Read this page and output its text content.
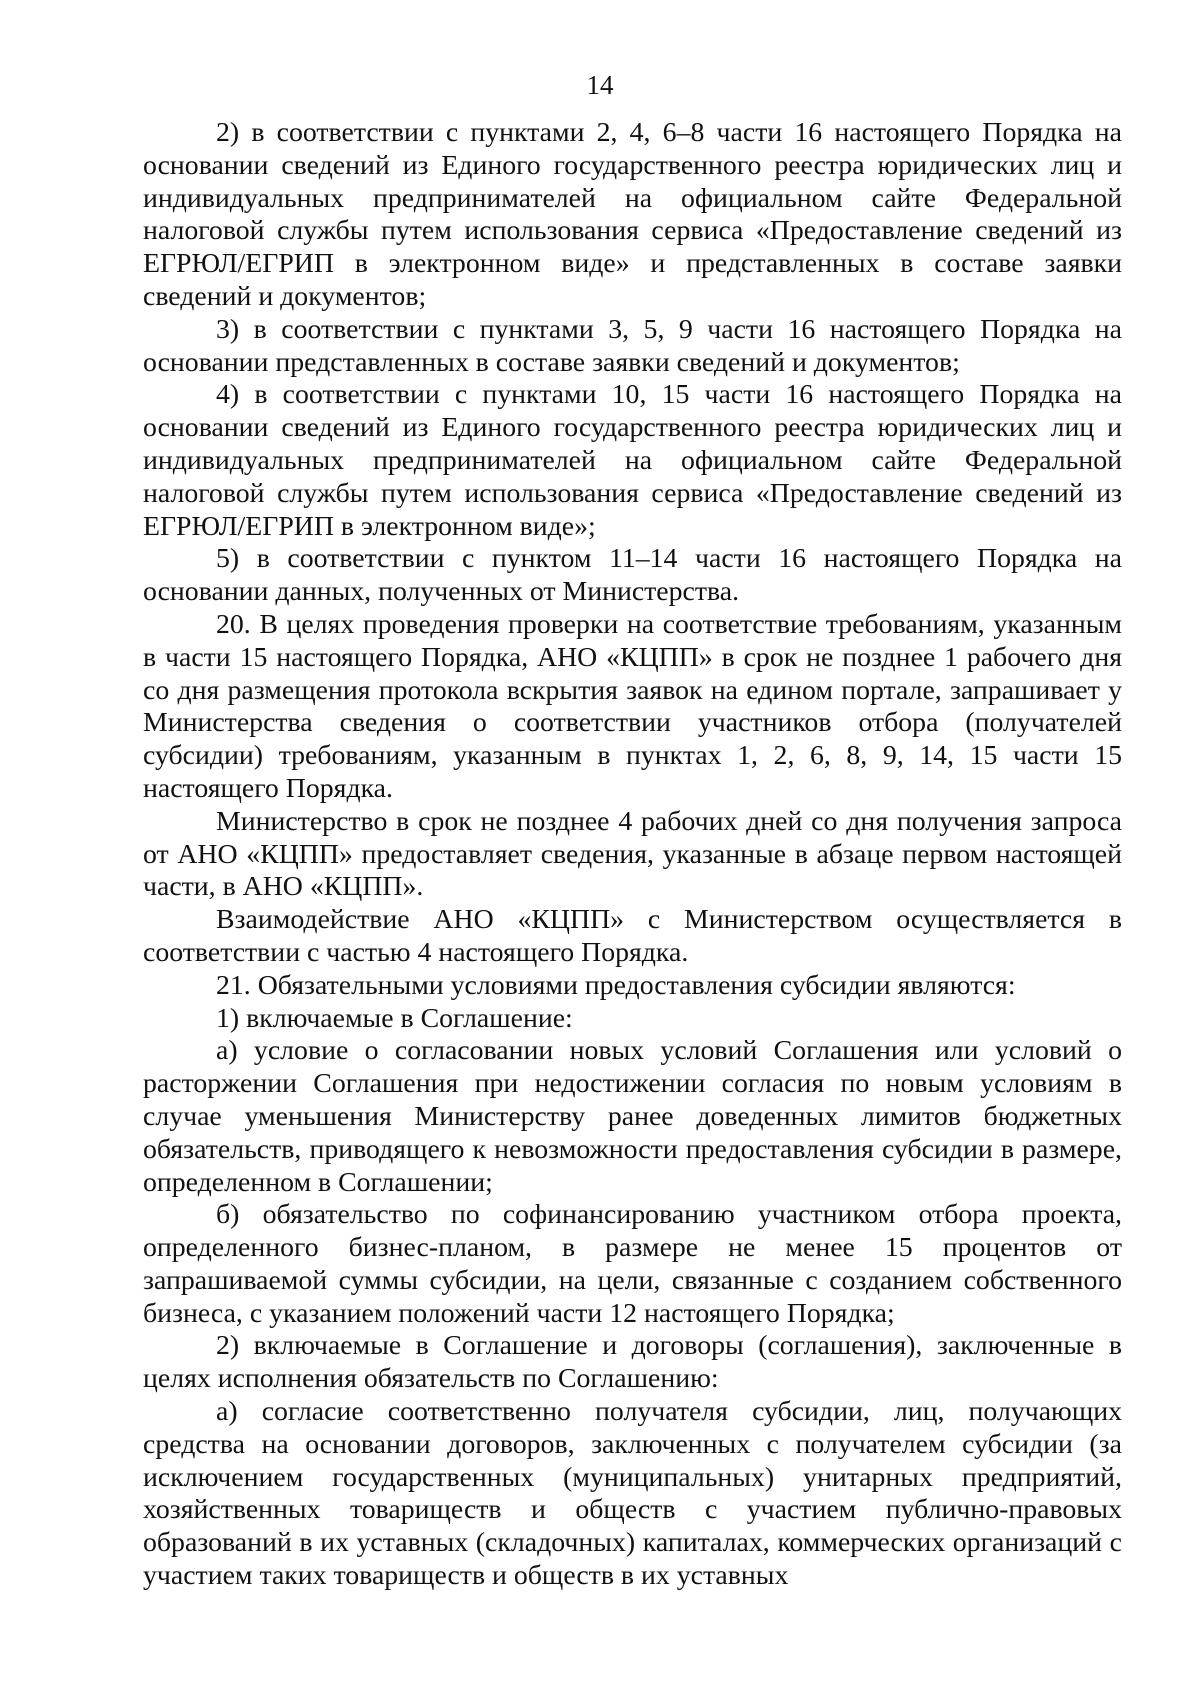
14

2) в соответствии с пунктами 2, 4, 6–8 части 16 настоящего Порядка на основании сведений из Единого государственного реестра юридических лиц и индивидуальных предпринимателей на официальном сайте Федеральной налоговой службы путем использования сервиса «Предоставление сведений из ЕГРЮЛ/ЕГРИП в электронном виде» и представленных в составе заявки сведений и документов;

3) в соответствии с пунктами 3, 5, 9 части 16 настоящего Порядка на основании представленных в составе заявки сведений и документов;

4) в соответствии с пунктами 10, 15 части 16 настоящего Порядка на основании сведений из Единого государственного реестра юридических лиц и индивидуальных предпринимателей на официальном сайте Федеральной налоговой службы путем использования сервиса «Предоставление сведений из ЕГРЮЛ/ЕГРИП в электронном виде»;

5) в соответствии с пунктом 11–14 части 16 настоящего Порядка на основании данных, полученных от Министерства.

20. В целях проведения проверки на соответствие требованиям, указанным в части 15 настоящего Порядка, АНО «КЦПП» в срок не позднее 1 рабочего дня со дня размещения протокола вскрытия заявок на едином портале, запрашивает у Министерства сведения о соответствии участников отбора (получателей субсидии) требованиям, указанным в пунктах 1, 2, 6, 8, 9, 14, 15 части 15 настоящего Порядка.

Министерство в срок не позднее 4 рабочих дней со дня получения запроса от АНО «КЦПП» предоставляет сведения, указанные в абзаце первом настоящей части, в АНО «КЦПП».

Взаимодействие АНО «КЦПП» с Министерством осуществляется в соответствии с частью 4 настоящего Порядка.

21. Обязательными условиями предоставления субсидии являются:

1) включаемые в Соглашение:

а) условие о согласовании новых условий Соглашения или условий о расторжении Соглашения при недостижении согласия по новым условиям в случае уменьшения Министерству ранее доведенных лимитов бюджетных обязательств, приводящего к невозможности предоставления субсидии в размере, определенном в Соглашении;

б) обязательство по софинансированию участником отбора проекта, определенного бизнес-планом, в размере не менее 15 процентов от запрашиваемой суммы субсидии, на цели, связанные с созданием собственного бизнеса, с указанием положений части 12 настоящего Порядка;

2) включаемые в Соглашение и договоры (соглашения), заключенные в целях исполнения обязательств по Соглашению:

а) согласие соответственно получателя субсидии, лиц, получающих средства на основании договоров, заключенных с получателем субсидии (за исключением государственных (муниципальных) унитарных предприятий, хозяйственных товариществ и обществ с участием публично-правовых образований в их уставных (складочных) капиталах, коммерческих организаций с участием таких товариществ и обществ в их уставных
